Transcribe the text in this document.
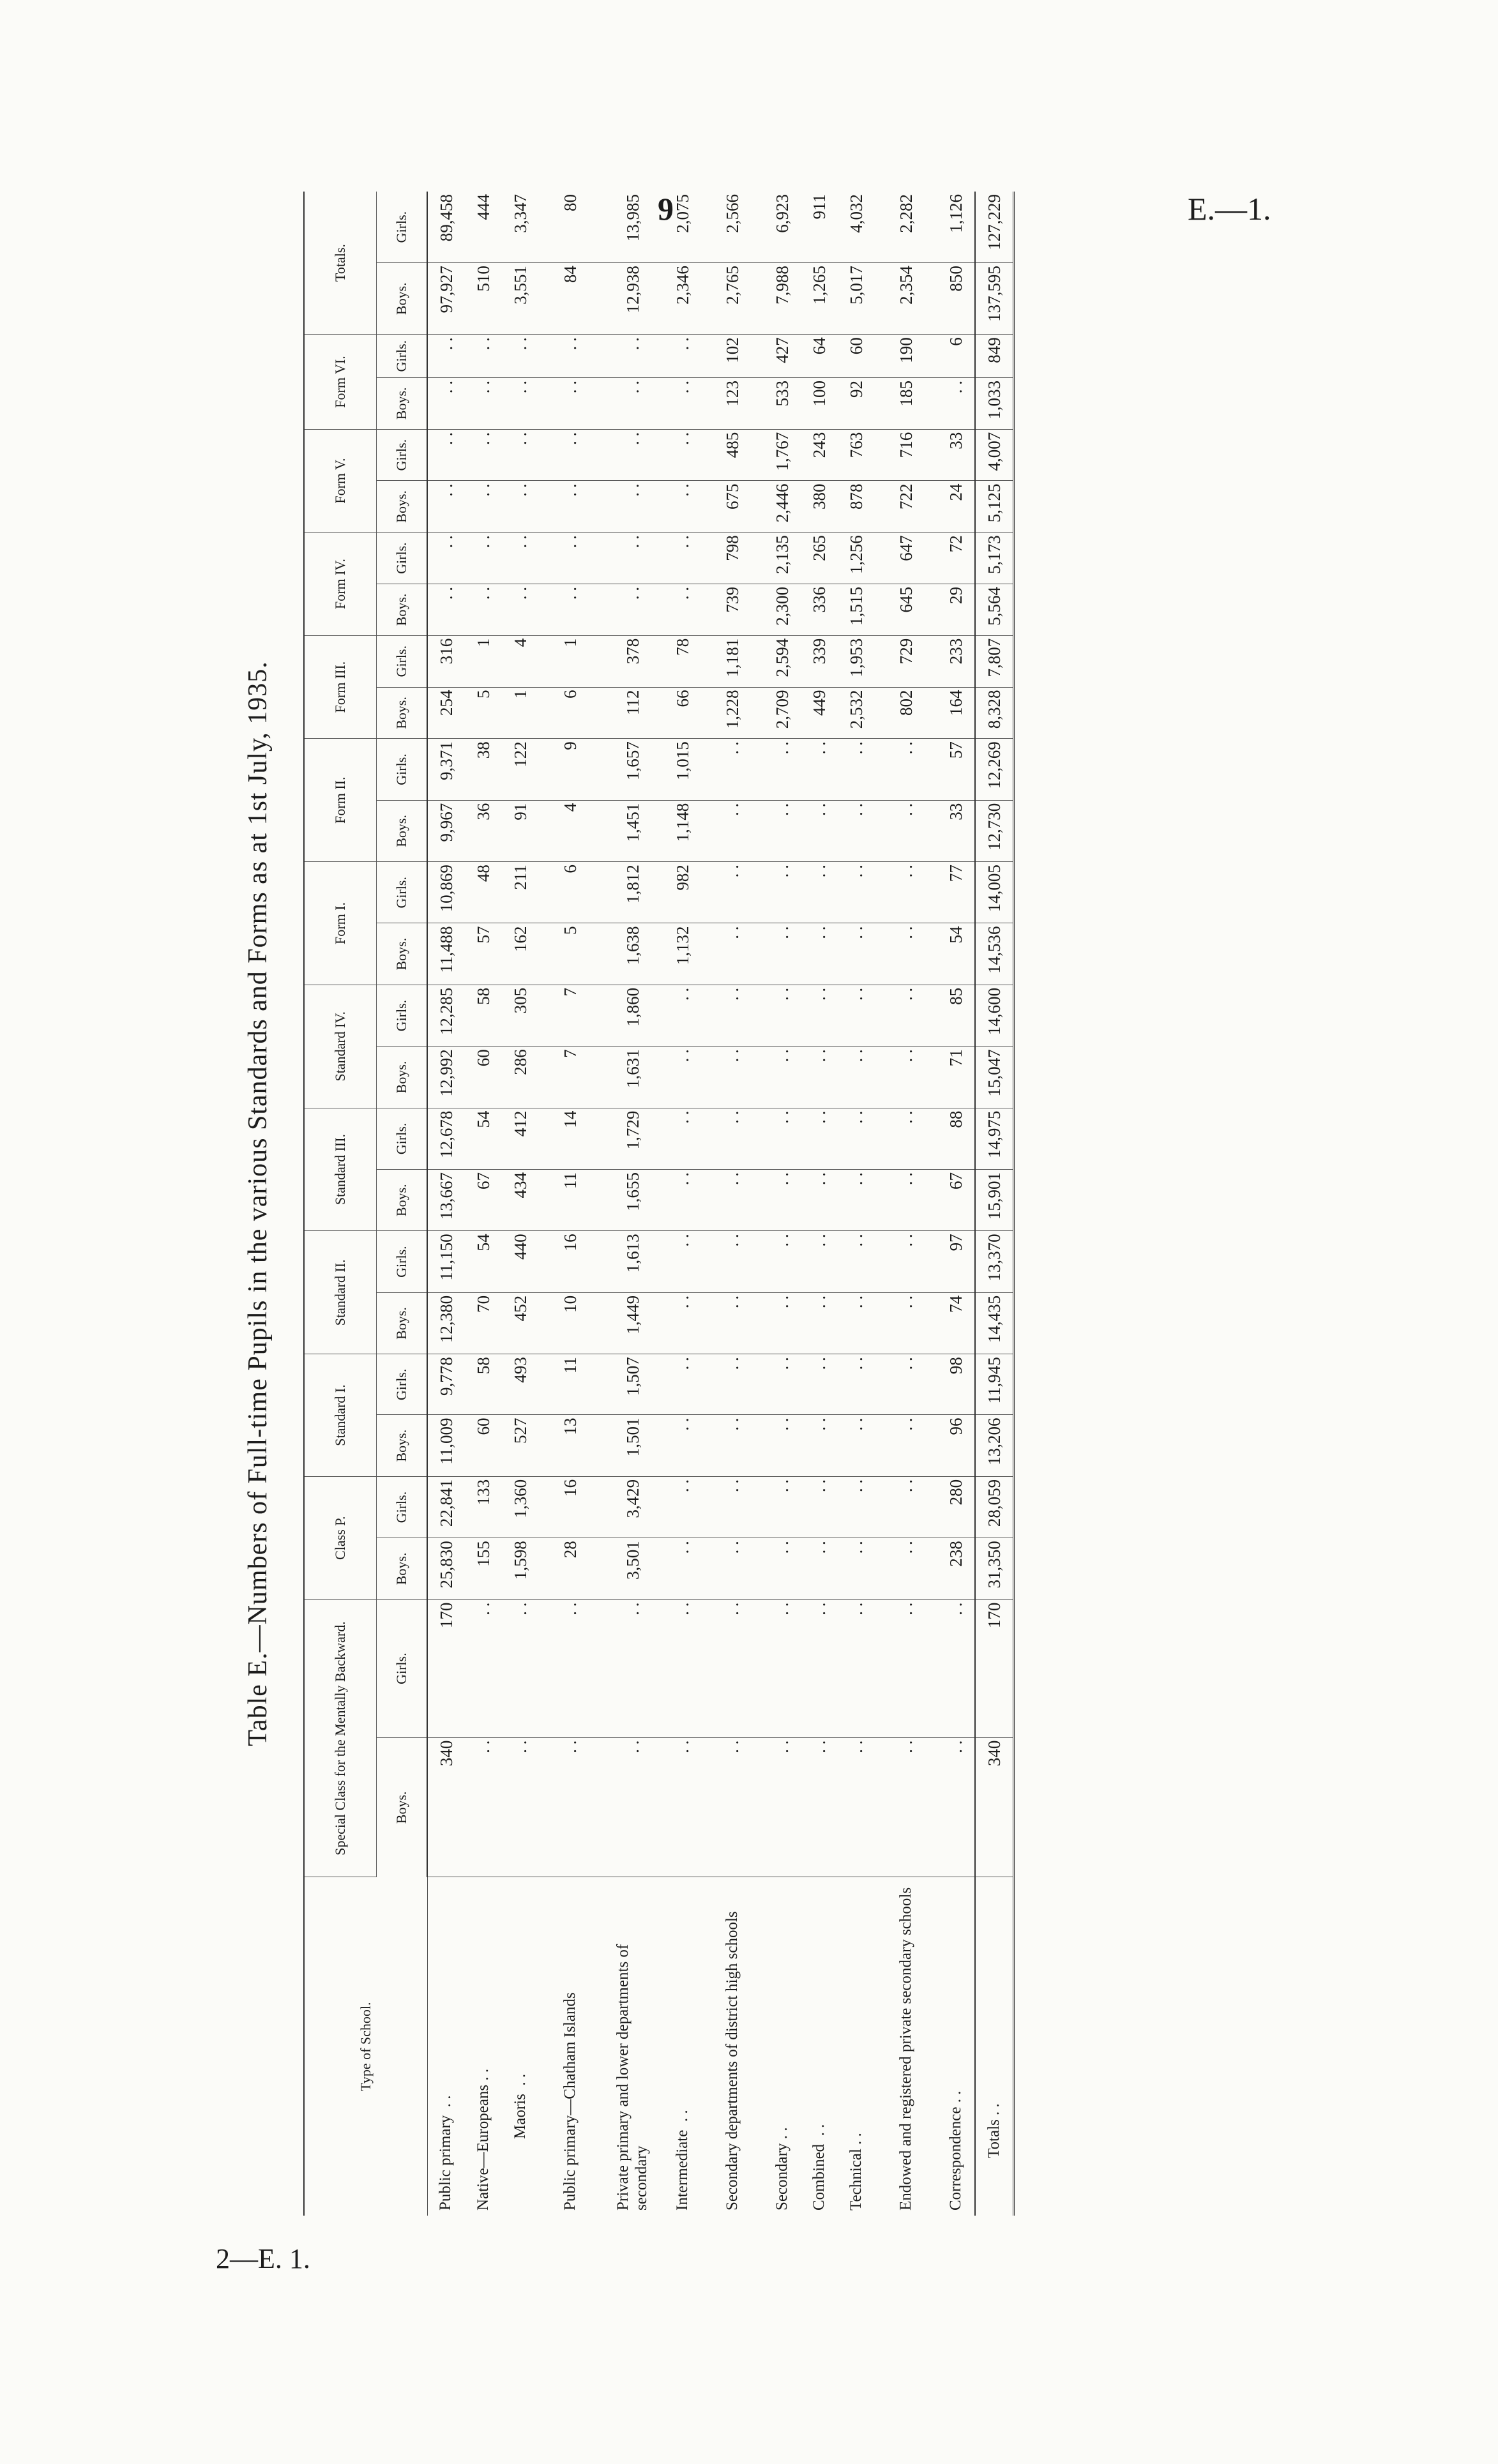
9	E.—1.
2—E. 1.
Table E.—Numbers of Full-time Pupils in the various Standards and Forms as at 1st July, 1935.
Type of School.	Special Class for the Mentally Backward.		Class P.		Standard I.		Standard II.		Standard III.		Standard IV.		Form I.		Form II.		Form III.		Form IV.		Form V.		Form VI.		Totals.	
	Boys.	Girls.	Boys.	Girls.	Boys.	Girls.	Boys.	Girls.	Boys.	Girls.	Boys.	Girls.	Boys.	Girls.	Boys.	Girls.	Boys.	Girls.	Boys.	Girls.	Boys.	Girls.	Boys.	Girls.	Boys.	Girls.
Public primary  . .	340	170	25,830	22,841	11,009	9,778	12,380	11,150	13,667	12,678	12,992	12,285	11,488	10,869	9,967	9,371	254	316	. .	. .	. .	. .	. .	. .	97,927	89,458
Native—Europeans . .	. .	. .	155	133	60	58	70	54	67	54	60	58	57	48	36	38	5	1	. .	. .	. .	. .	. .	. .	510	444
Maoris  . .	. .	. .	1,598	1,360	527	493	452	440	434	412	286	305	162	211	91	122	1	4	. .	. .	. .	. .	. .	. .	3,551	3,347
Public primary—Chatham Islands	. .	. .	28	16	13	11	10	16	11	14	7	7	5	6	4	9	6	1	. .	. .	. .	. .	. .	. .	84	80
Private primary and lower departments of secondary	. .	. .	3,501	3,429	1,501	1,507	1,449	1,613	1,655	1,729	1,631	1,860	1,638	1,812	1,451	1,657	112	378	. .	. .	. .	. .	. .	. .	12,938	13,985
Intermediate  . .	. .	. .	. .	. .	. .	. .	. .	. .	. .	. .	. .	. .	1,132	982	1,148	1,015	66	78	. .	. .	. .	. .	. .	. .	2,346	2,075
Secondary departments of district high schools	. .	. .	. .	. .	. .	. .	. .	. .	. .	. .	. .	. .	. .	. .	. .	. .	1,228	1,181	739	798	675	485	123	102	2,765	2,566
Secondary . .	. .	. .	. .	. .	. .	. .	. .	. .	. .	. .	. .	. .	. .	. .	. .	. .	2,709	2,594	2,300	2,135	2,446	1,767	533	427	7,988	6,923
Combined  . .	. .	. .	. .	. .	. .	. .	. .	. .	. .	. .	. .	. .	. .	. .	. .	. .	449	339	336	265	380	243	100	64	1,265	911
Technical . .	. .	. .	. .	. .	. .	. .	. .	. .	. .	. .	. .	. .	. .	. .	. .	. .	2,532	1,953	1,515	1,256	878	763	92	60	5,017	4,032
Endowed and registered private secondary schools	. .	. .	. .	. .	. .	. .	. .	. .	. .	. .	. .	. .	. .	. .	. .	. .	802	729	645	647	722	716	185	190	2,354	2,282
Correspondence . .	. .	. .	238	280	96	98	74	97	67	88	71	85	54	77	33	57	164	233	29	72	24	33	. .	6	850	1,126
Totals . .	340	170	31,350	28,059	13,206	11,945	14,435	13,370	15,901	14,975	15,047	14,600	14,536	14,005	12,730	12,269	8,328	7,807	5,564	5,173	5,125	4,007	1,033	849	137,595	127,229
